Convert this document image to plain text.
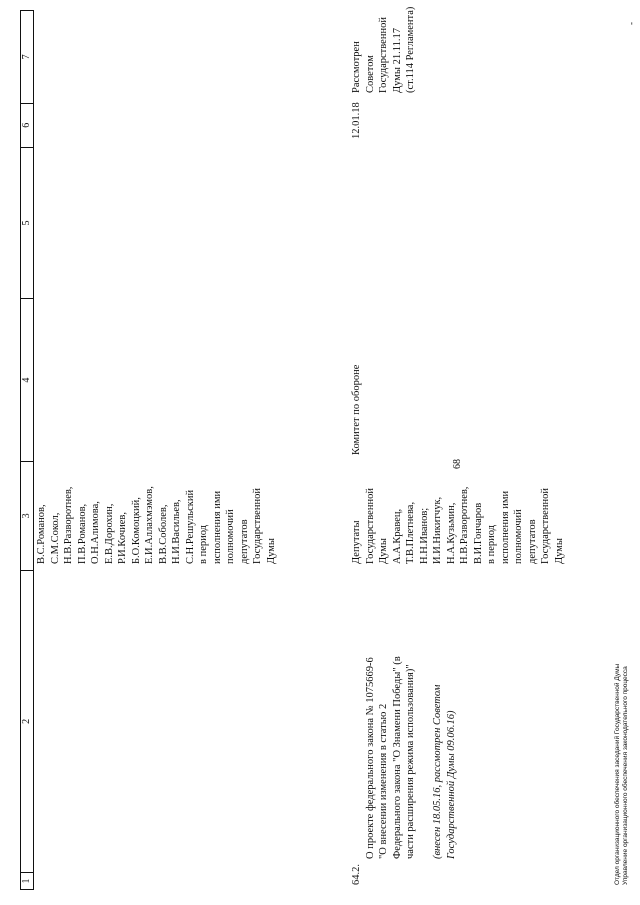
68
1
2
3
4
5
6
7
В.С.Романов,
С.М.Сокол,
Н.В.Разворотнев,
П.В.Романов,
О.Н.Алимова,
Е.В.Дорохин,
Р.И.Кочиев,
Б.О.Комоцкий,
Е.И.Аллахмэмов,
В.В.Соболев,
Н.И.Васильев,
С.Н.Решульский
в период
исполнения ими
полномочий
депутатов
Государственной
Думы
64.2.

О проекте федерального закона № 1075669-6
"О внесении изменения в статью 2
Федерального закона "О Знамени Победы" (в
части расширения режима использования)"

(внесен 18.05.16, рассмотрен Советом
Государственной Думы 09.06.16)

Депутаты
Государственной
Думы
А.А.Кравец,
Т.В.Плетнева,
Н.Н.Иванов;
И.И.Никитчук,
Н.А.Кузьмин,
Н.В.Разворотнев,
В.И.Гончаров
в период
исполнения ими
полномочий
депутатов
Государственной
Думы
Комитет по обороне
12.01.18
Рассмотрен
Советом
Государственной
Думы 21.11.17
(ст.114 Регламента)
Отдел организационного обеспечения заседаний Государственной Думы
Управление организационного обеспечения законодательного процесса
-
